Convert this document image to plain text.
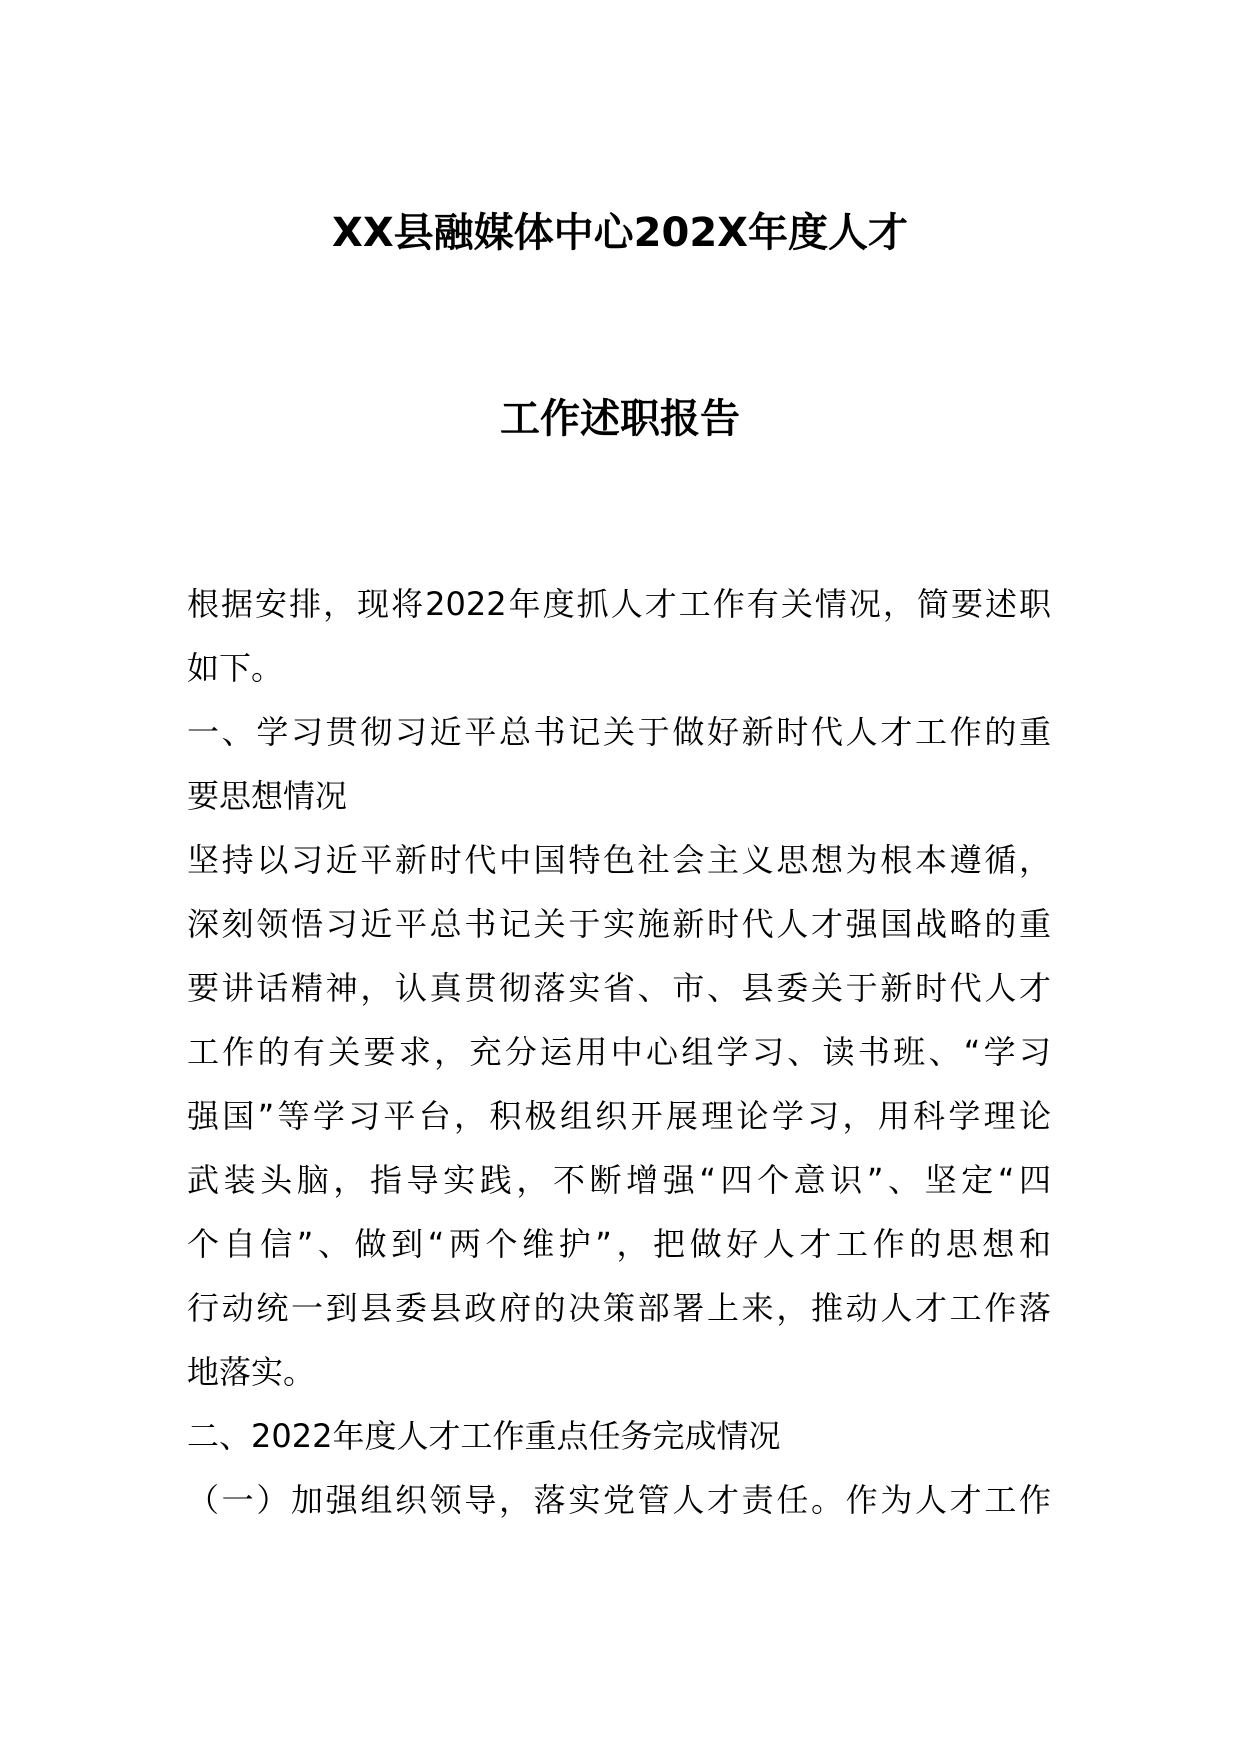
XX县融媒体中心202X年度人才
工作述职报告
根据安排，现将2022年度抓人才工作有关情况，简要述职
如下。
一、学习贯彻习近平总书记关于做好新时代人才工作的重
要思想情况
坚持以习近平新时代中国特色社会主义思想为根本遵循，
深刻领悟习近平总书记关于实施新时代人才强国战略的重
要讲话精神，认真贯彻落实省、市、县委关于新时代人才
工作的有关要求，充分运用中心组学习、读书班、“学习
强国”等学习平台，积极组织开展理论学习，用科学理论
武装头脑，指导实践，不断增强“四个意识”、坚定“四
个自信”、做到“两个维护”，把做好人才工作的思想和
行动统一到县委县政府的决策部署上来，推动人才工作落
地落实。
二、2022年度人才工作重点任务完成情况
（一）加强组织领导，落实党管人才责任。作为人才工作
